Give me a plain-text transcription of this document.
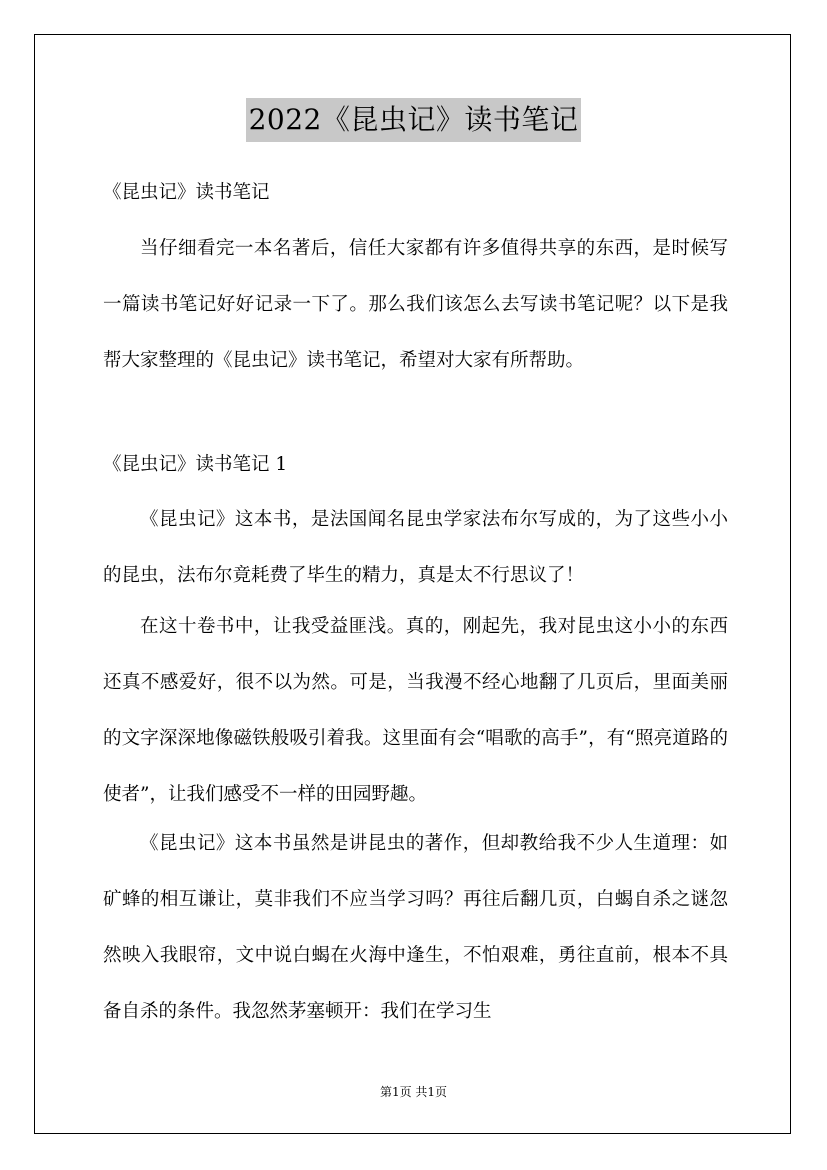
2022《昆虫记》读书笔记

《昆虫记》读书笔记

当仔细看完一本名著后，信任大家都有许多值得共享的东西，是时候写一篇读书笔记好好记录一下了。那么我们该怎么去写读书笔记呢？以下是我帮大家整理的《昆虫记》读书笔记，希望对大家有所帮助。

《昆虫记》读书笔记 1

《昆虫记》这本书，是法国闻名昆虫学家法布尔写成的，为了这些小小的昆虫，法布尔竟耗费了毕生的精力，真是太不行思议了！

在这十卷书中，让我受益匪浅。真的，刚起先，我对昆虫这小小的东西还真不感爱好，很不以为然。可是，当我漫不经心地翻了几页后，里面美丽的文字深深地像磁铁般吸引着我。这里面有会“唱歌的高手”，有“照亮道路的使者”，让我们感受不一样的田园野趣。

《昆虫记》这本书虽然是讲昆虫的著作，但却教给我不少人生道理：如矿蜂的相互谦让，莫非我们不应当学习吗？再往后翻几页，白蝎自杀之谜忽然映入我眼帘，文中说白蝎在火海中逢生，不怕艰难，勇往直前，根本不具备自杀的条件。我忽然茅塞顿开：我们在学习生

第1页 共1页
